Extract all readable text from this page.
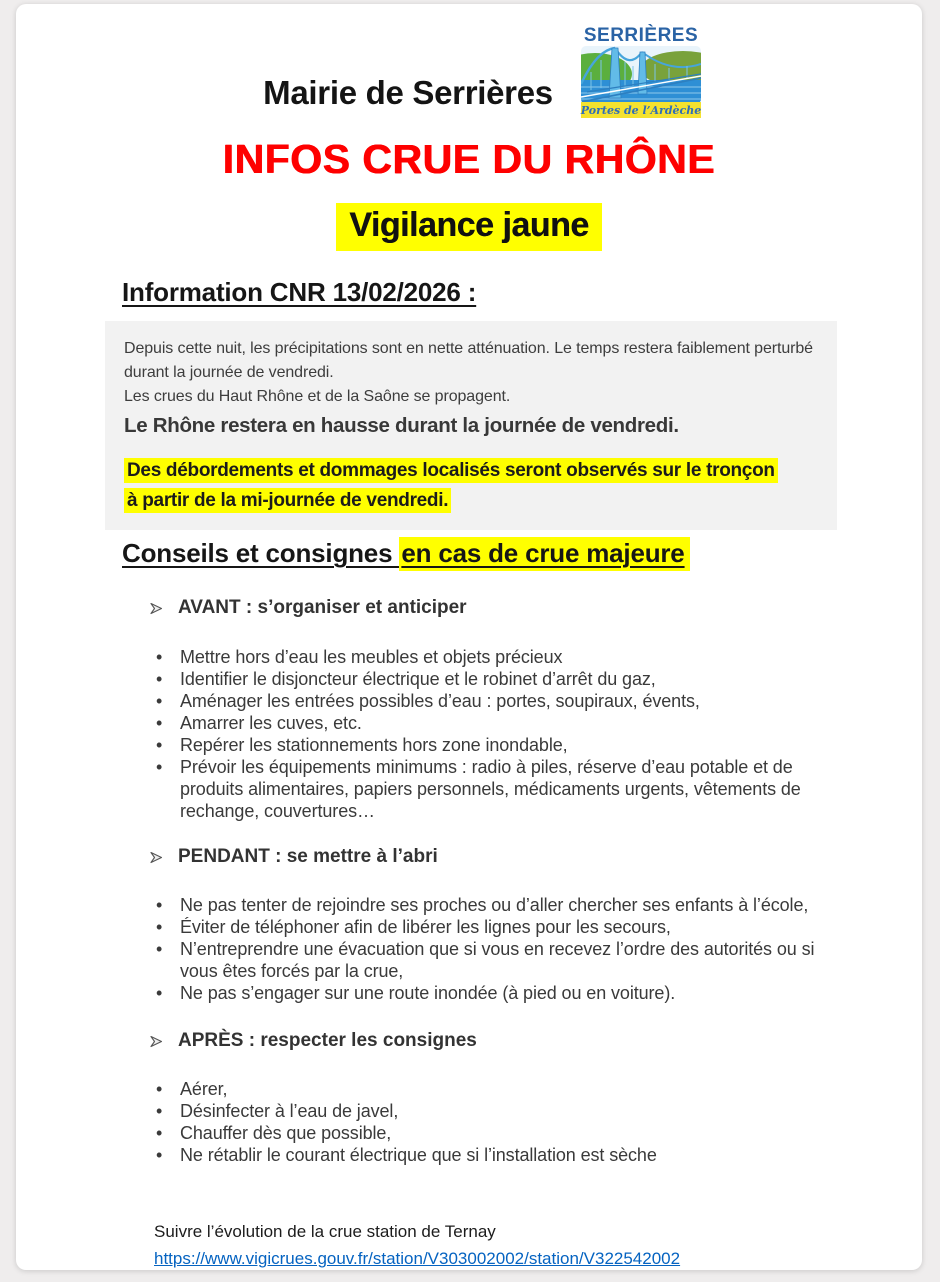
Mairie de Serrières
SERRIÈRES
Portes de l’Ardèche
INFOS CRUE DU RHÔNE
Vigilance jaune
Information CNR 13/02/2026 :

Depuis cette nuit, les précipitations sont en nette atténuation. Le temps restera faiblement perturbé durant la journée de vendredi.

Les crues du Haut Rhône et de la Saône se propagent.

Le Rhône restera en hausse durant la journée de vendredi.

Des débordements et dommages localisés seront observés sur le tronçon à partir de la mi-journée de vendredi.

Conseils et consignes en cas de crue majeure
AVANT : s’organiser et anticiper
• Mettre hors d’eau les meubles et objets précieux
• Identifier le disjoncteur électrique et le robinet d’arrêt du gaz,
• Aménager les entrées possibles d’eau : portes, soupiraux, évents,
• Amarrer les cuves, etc.
• Repérer les stationnements hors zone inondable,
• Prévoir les équipements minimums : radio à piles, réserve d’eau potable et de produits alimentaires, papiers personnels, médicaments urgents, vêtements de rechange, couvertures…
PENDANT : se mettre à l’abri
• Ne pas tenter de rejoindre ses proches ou d’aller chercher ses enfants à l’école,
• Éviter de téléphoner afin de libérer les lignes pour les secours,
• N’entreprendre une évacuation que si vous en recevez l’ordre des autorités ou si vous êtes forcés par la crue,
• Ne pas s’engager sur une route inondée (à pied ou en voiture).
APRÈS : respecter les consignes
• Aérer,
• Désinfecter à l’eau de javel,
• Chauffer dès que possible,
• Ne rétablir le courant électrique que si l’installation est sèche
Suivre l’évolution de la crue station de Ternay
https://www.vigicrues.gouv.fr/station/V303002002/station/V322542002
